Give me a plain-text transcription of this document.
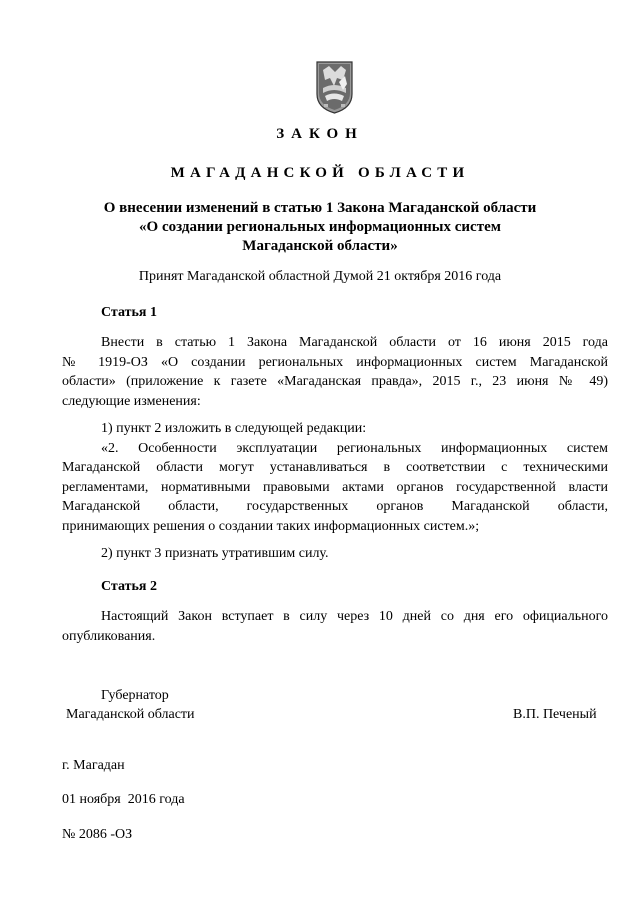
ЗАКОН
МАГАДАНСКОЙ ОБЛАСТИ
О внесении изменений в статью 1 Закона Магаданской области
«О создании региональных информационных систем
Магаданской области»
Принят Магаданской областной Думой 21 октября 2016 года
Статья 1
Внести в статью 1 Закона Магаданской области от 16 июня 2015 года
№ 1919-ОЗ «О создании региональных информационных систем Магаданской
области» (приложение к газете «Магаданская правда», 2015 г., 23 июня № 49)
следующие изменения:
1) пункт 2 изложить в следующей редакции:
«2. Особенности эксплуатации региональных информационных систем
Магаданской области могут устанавливаться в соответствии с техническими
регламентами, нормативными правовыми актами органов государственной власти
Магаданской области, государственных органов Магаданской области,
принимающих решения о создании таких информационных систем.»;
2) пункт 3 признать утратившим силу.
Статья 2
Настоящий Закон вступает в силу через 10 дней со дня его официального
опубликования.
Губернатор
Магаданской области	В.П. Печеный
г. Магадан
01 ноября  2016 года
№ 2086 -ОЗ
